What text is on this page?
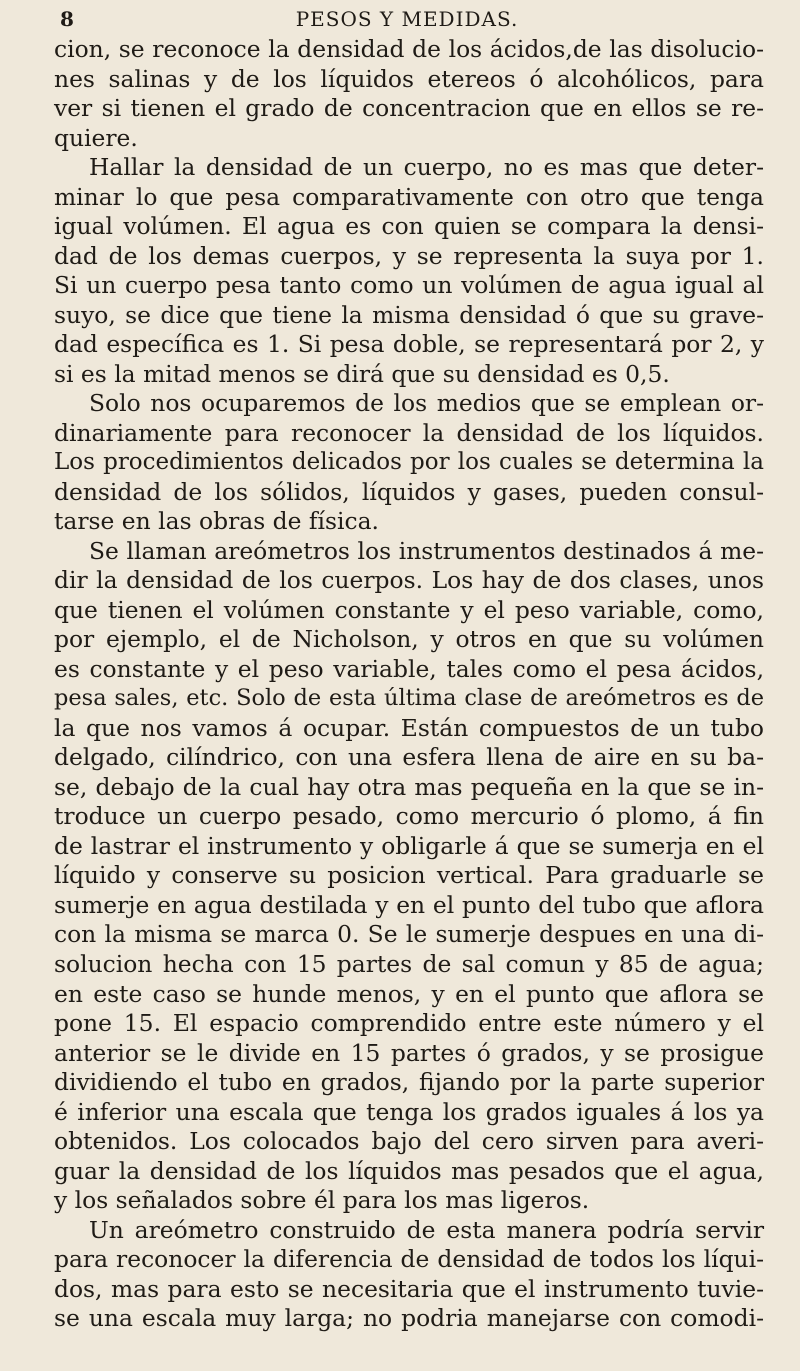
8	PESOS Y MEDIDAS.
cion, se reconoce la densidad de los ácidos,de las disolucio-
nes salinas y de los líquidos etereos ó alcohólicos, para
ver si tienen el grado de concentracion que en ellos se re-
quiere.
Hallar la densidad de un cuerpo, no es mas que deter-
minar lo que pesa comparativamente con otro que tenga
igual volúmen. El agua es con quien se compara la densi-
dad de los demas cuerpos, y se representa la suya por 1.
Si un cuerpo pesa tanto como un volúmen de agua igual al
suyo, se dice que tiene la misma densidad ó que su grave-
dad específica es 1. Si pesa doble, se representará por 2, y
si es la mitad menos se dirá que su densidad es 0,5.
Solo nos ocuparemos de los medios que se emplean or-
dinariamente para reconocer la densidad de los líquidos.
Los procedimientos delicados por los cuales se determina la
densidad de los sólidos, líquidos y gases, pueden consul-
tarse en las obras de física.
Se llaman areómetros los instrumentos destinados á me-
dir la densidad de los cuerpos. Los hay de dos clases, unos
que tienen el volúmen constante y el peso variable, como,
por ejemplo, el de Nicholson, y otros en que su volúmen
es constante y el peso variable, tales como el pesa ácidos,
pesa sales, etc. Solo de esta última clase de areómetros es de
la que nos vamos á ocupar. Están compuestos de un tubo
delgado, cilíndrico, con una esfera llena de aire en su ba-
se, debajo de la cual hay otra mas pequeña en la que se in-
troduce un cuerpo pesado, como mercurio ó plomo, á fin
de lastrar el instrumento y obligarle á que se sumerja en el
líquido y conserve su posicion vertical. Para graduarle se
sumerje en agua destilada y en el punto del tubo que aflora
con la misma se marca 0. Se le sumerje despues en una di-
solucion hecha con 15 partes de sal comun y 85 de agua;
en este caso se hunde menos, y en el punto que aflora se
pone 15. El espacio comprendido entre este número y el
anterior se le divide en 15 partes ó grados, y se prosigue
dividiendo el tubo en grados, fijando por la parte superior
é inferior una escala que tenga los grados iguales á los ya
obtenidos. Los colocados bajo del cero sirven para averi-
guar la densidad de los líquidos mas pesados que el agua,
y los señalados sobre él para los mas ligeros.
Un areómetro construido de esta manera podría servir
para reconocer la diferencia de densidad de todos los líqui-
dos, mas para esto se necesitaria que el instrumento tuvie-
se una escala muy larga; no podria manejarse con comodi-
